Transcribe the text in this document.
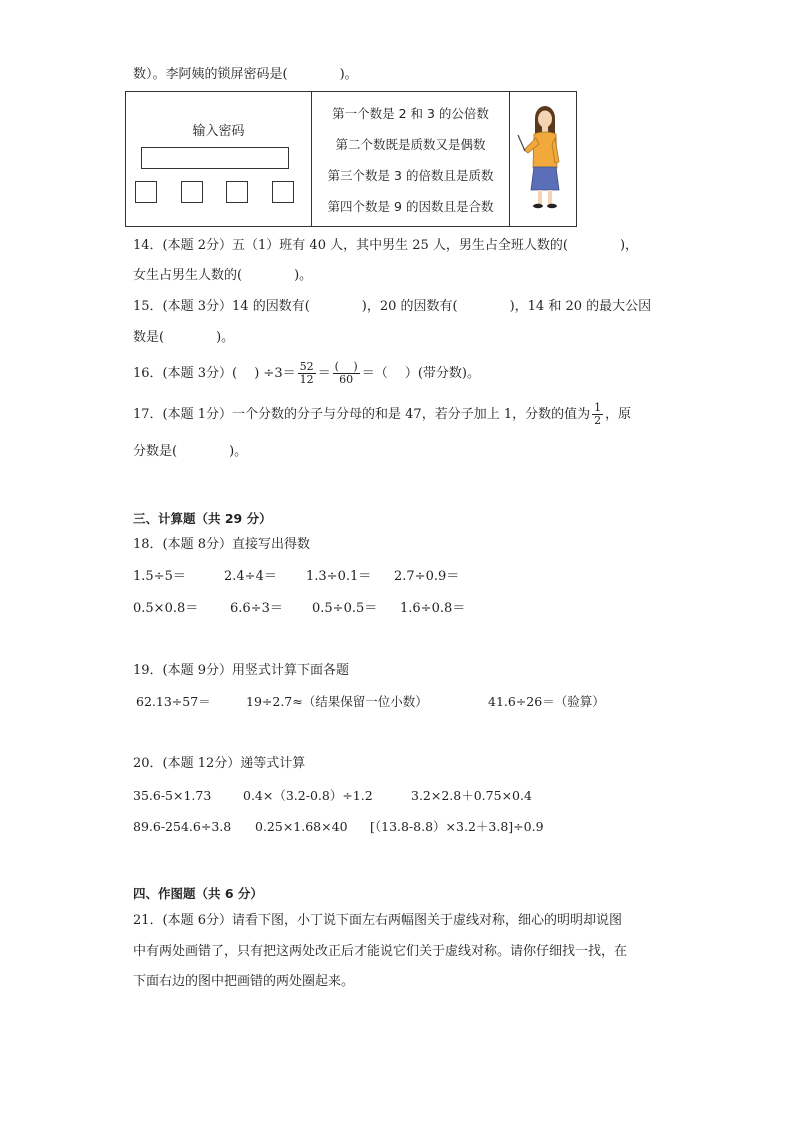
数）。李阿姨的锁屏密码是(　　　　)。
输入密码
第一个数是 2 和 3 的公倍数
第二个数既是质数又是偶数
第三个数是 3 的倍数且是质数
第四个数是 9 的因数且是合数
14．(本题 2分）五（1）班有 40 人，其中男生 25 人，男生占全班人数的(　　　　)，
女生占男生人数的(　　　　)。
15．(本题 3分）14 的因数有(　　　　)，20 的因数有(　　　　)，14 和 20 的最大公因
数是(　　　　)。
16．(本题 3分）(　 ) $\div 3= \frac{52}{12} = \frac{( )}{60}$ ＝（　 ）(带分数)。
17．(本题 1分）一个分数的分子与分母的和是 47，若分子加上 1，分数的值为 $\frac{1}{2}$ ，原
分数是(　　　　)。
三、计算题（共 29 分）
18．(本题 8分）直接写出得数
1.5÷5＝	2.4÷4＝ 1.3÷0.1＝ 2.7÷0.9＝
0.5×0.8＝ 6.6÷3＝ 0.5÷0.5＝ 1.6÷0.8＝
19．(本题 9分）用竖式计算下面各题
62.13÷57＝	19÷2.7≈（结果保留一位小数）	41.6÷26＝（验算）
20．(本题 12分）递等式计算
35.6-5×1.73	0.4×（3.2-0.8）÷1.2	3.2×2.8＋0.75×0.4
89.6-254.6÷3.8 0.25×1.68×40 [（13.8-8.8）×3.2＋3.8]÷0.9
四、作图题（共 6 分）
21．(本题 6分）请看下图，小丁说下面左右两幅图关于虚线对称，细心的明明却说图
中有两处画错了，只有把这两处改正后才能说它们关于虚线对称。请你仔细找一找，在
下面右边的图中把画错的两处圈起来。
